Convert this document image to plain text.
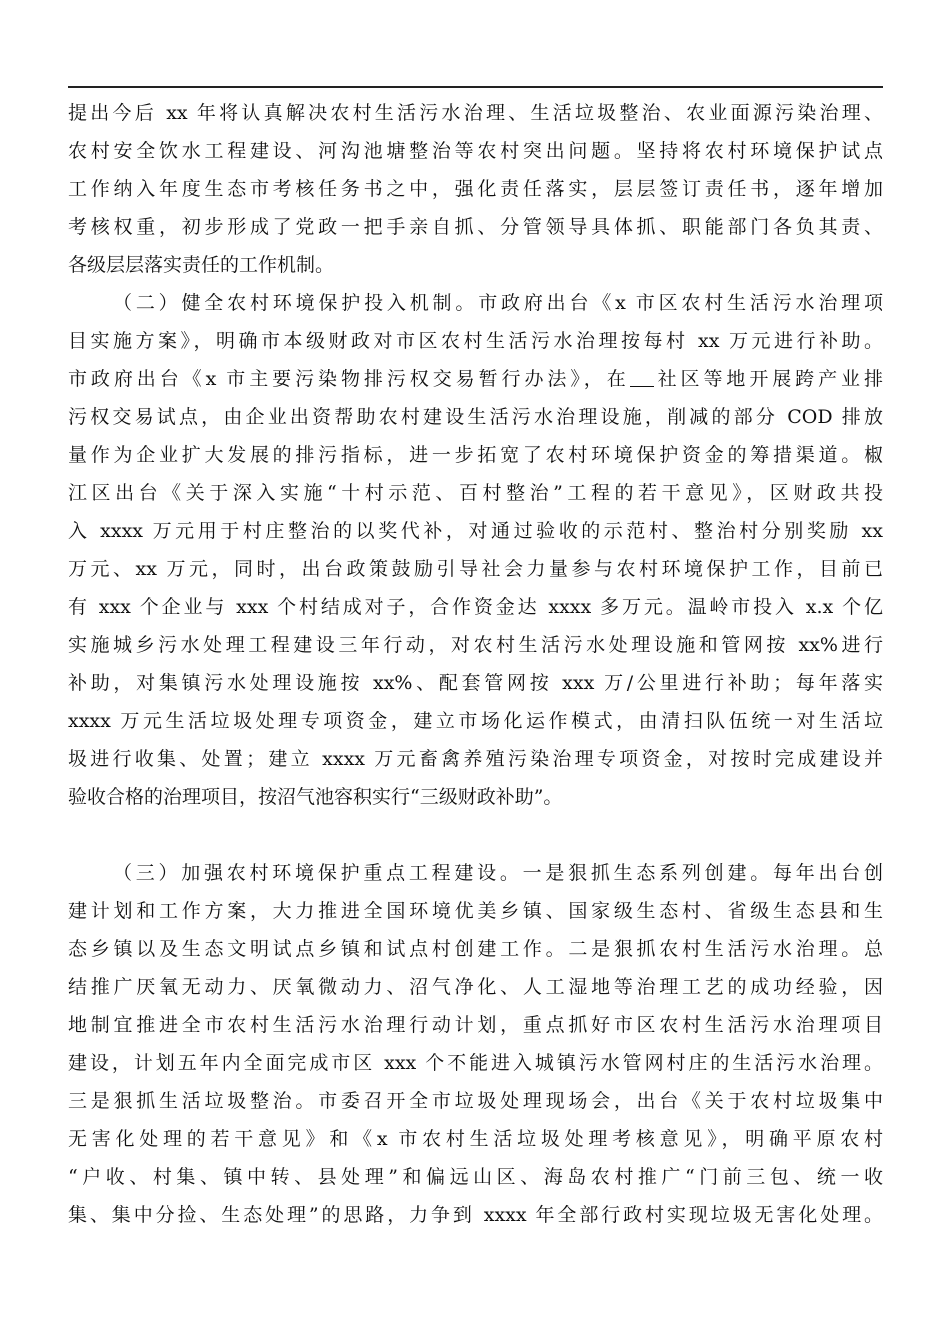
提出今后 xx 年将认真解决农村生活污水治理、生活垃圾整治、农业面源污染治理、
农村安全饮水工程建设、河沟池塘整治等农村突出问题。坚持将农村环境保护试点
工作纳入年度生态市考核任务书之中，强化责任落实，层层签订责任书，逐年增加
考核权重，初步形成了党政一把手亲自抓、分管领导具体抓、职能部门各负其责、
各级层层落实责任的工作机制。
（二）健全农村环境保护投入机制。市政府出台《x 市区农村生活污水治理项
目实施方案》，明确市本级财政对市区农村生活污水治理按每村 xx 万元进行补助。
市政府出台《x 市主要污染物排污权交易暂行办法》，在 社区等地开展跨产业排
污权交易试点，由企业出资帮助农村建设生活污水治理设施，削减的部分 COD 排放
量作为企业扩大发展的排污指标，进一步拓宽了农村环境保护资金的筹措渠道。椒
江区出台《关于深入实施“十村示范、百村整治”工程的若干意见》，区财政共投
入 xxxx 万元用于村庄整治的以奖代补，对通过验收的示范村、整治村分别奖励 xx
万元、xx 万元，同时，出台政策鼓励引导社会力量参与农村环境保护工作，目前已
有 xxx 个企业与 xxx 个村结成对子，合作资金达 xxxx 多万元。温岭市投入 x.x 个亿
实施城乡污水处理工程建设三年行动，对农村生活污水处理设施和管网按 xx%进行
补助，对集镇污水处理设施按 xx%、配套管网按 xxx 万/公里进行补助；每年落实
xxxx 万元生活垃圾处理专项资金，建立市场化运作模式，由清扫队伍统一对生活垃
圾进行收集、处置；建立 xxxx 万元畜禽养殖污染治理专项资金，对按时完成建设并
验收合格的治理项目，按沼气池容积实行“三级财政补助”。
（三）加强农村环境保护重点工程建设。一是狠抓生态系列创建。每年出台创
建计划和工作方案，大力推进全国环境优美乡镇、国家级生态村、省级生态县和生
态乡镇以及生态文明试点乡镇和试点村创建工作。二是狠抓农村生活污水治理。总
结推广厌氧无动力、厌氧微动力、沼气净化、人工湿地等治理工艺的成功经验，因
地制宜推进全市农村生活污水治理行动计划，重点抓好市区农村生活污水治理项目
建设，计划五年内全面完成市区 xxx 个不能进入城镇污水管网村庄的生活污水治理。
三是狠抓生活垃圾整治。市委召开全市垃圾处理现场会，出台《关于农村垃圾集中
无害化处理的若干意见》和《x 市农村生活垃圾处理考核意见》，明确平原农村
“户收、村集、镇中转、县处理”和偏远山区、海岛农村推广“门前三包、统一收
集、集中分捡、生态处理”的思路，力争到 xxxx 年全部行政村实现垃圾无害化处理。
